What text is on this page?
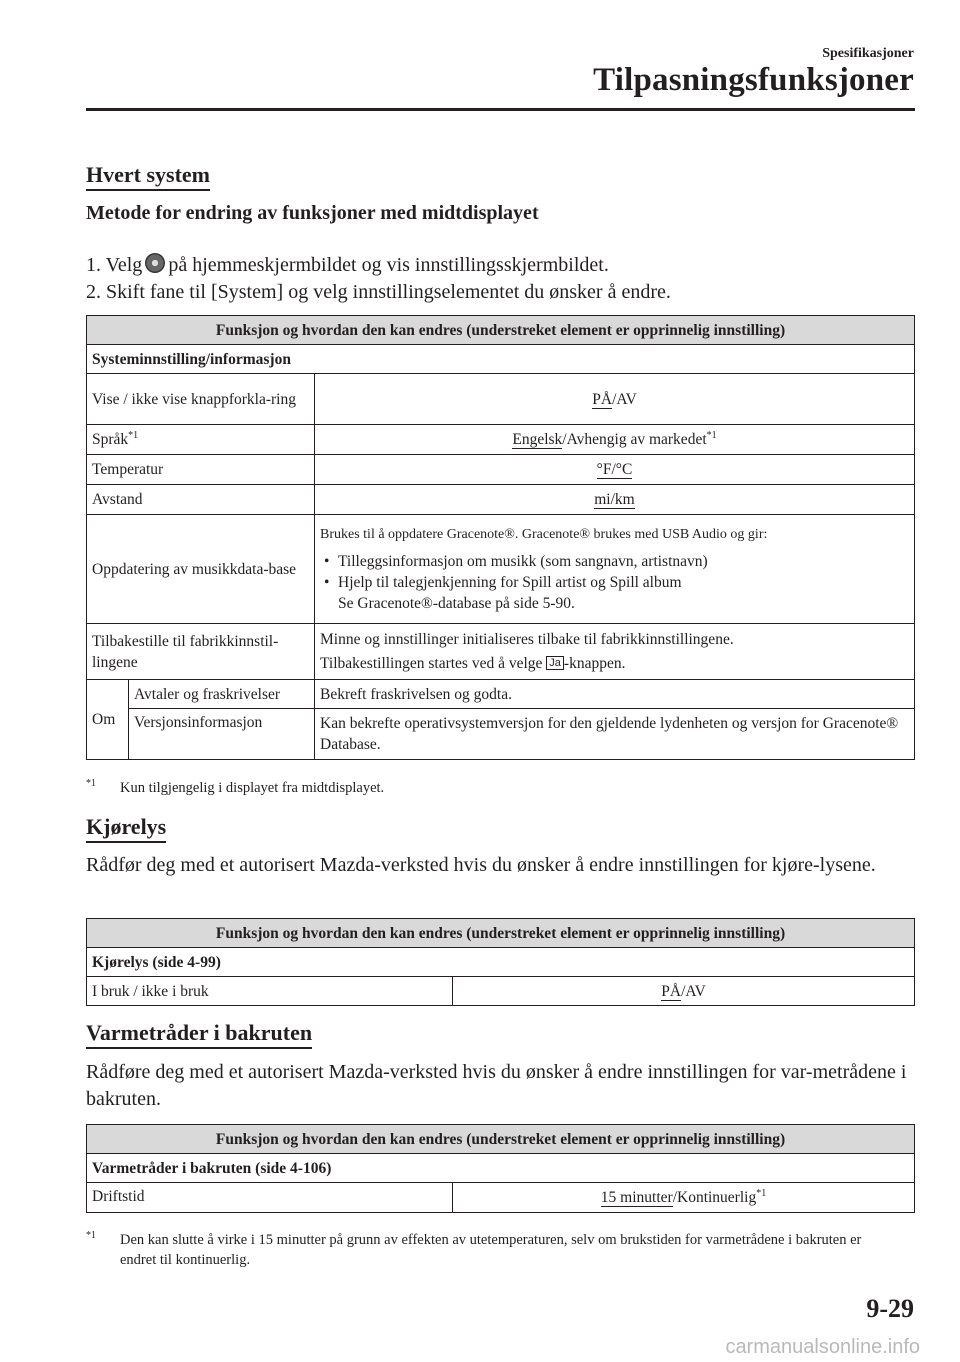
Spesifikasjoner
Tilpasningsfunksjoner
Hvert system
Metode for endring av funksjoner med midtdisplayet
1. Velg på hjemmeskjermbildet og vis innstillingsskjermbildet.
2. Skift fane til [System] og velg innstillingselementet du ønsker å endre.
Funksjon og hvordan den kan endres (understreket element er opprinnelig innstilling)		
Systeminnstilling/informasjon		
Vise / ikke vise knappforkla-ring		PÅ/AV
Språk$^{*1}$		Engelsk/Avhengig av markedet$^{*1}$
Temperatur		°F/°C
Avstand		mi/km
Oppdatering av musikkdata-base		Brukes til å oppdatere Gracenote®. Gracenote® brukes med USB Audio og gir:
• Tilleggsinformasjon om musikk (som sangnavn, artistnavn)
• Hjelp til talegjenkjenning for Spill artist og Spill album
Se Gracenote®-database på side 5-90.

Tilbakestille til fabrikkinnstil-lingene		Minne og innstillinger initialiseres tilbake til fabrikkinnstillingene.
Tilbakestillingen startes ved å velge Ja -knappen.

Om	Avtaler og fraskrivelser	Bekreft fraskrivelsen og godta.
	Versjonsinformasjon	Kan bekrefte operativsystemversjon for den gjeldende lydenheten og versjon for Gracenote® Database.
$^{*1}$ Kun tilgjengelig i displayet fra midtdisplayet.
Kjørelys
Rådfør deg med et autorisert Mazda-verksted hvis du ønsker å endre innstillingen for kjøre-lysene.
Funksjon og hvordan den kan endres (understreket element er opprinnelig innstilling)
Kjørelys (side 4-99)
I bruk / ikke i bruk	PÅ/AV
Varmetråder i bakruten
Rådføre deg med et autorisert Mazda-verksted hvis du ønsker å endre innstillingen for var-metrådene i bakruten.
Funksjon og hvordan den kan endres (understreket element er opprinnelig innstilling)
Varmetråder i bakruten (side 4-106)
Driftstid	15 minutter/Kontinuerlig$^{*1}$
$^{*1}$	Den kan slutte å virke i 15 minutter på grunn av effekten av utetemperaturen, selv om brukstiden for varmetrådene i bakruten er endret til kontinuerlig.
9-29
carmanualsonline.info
